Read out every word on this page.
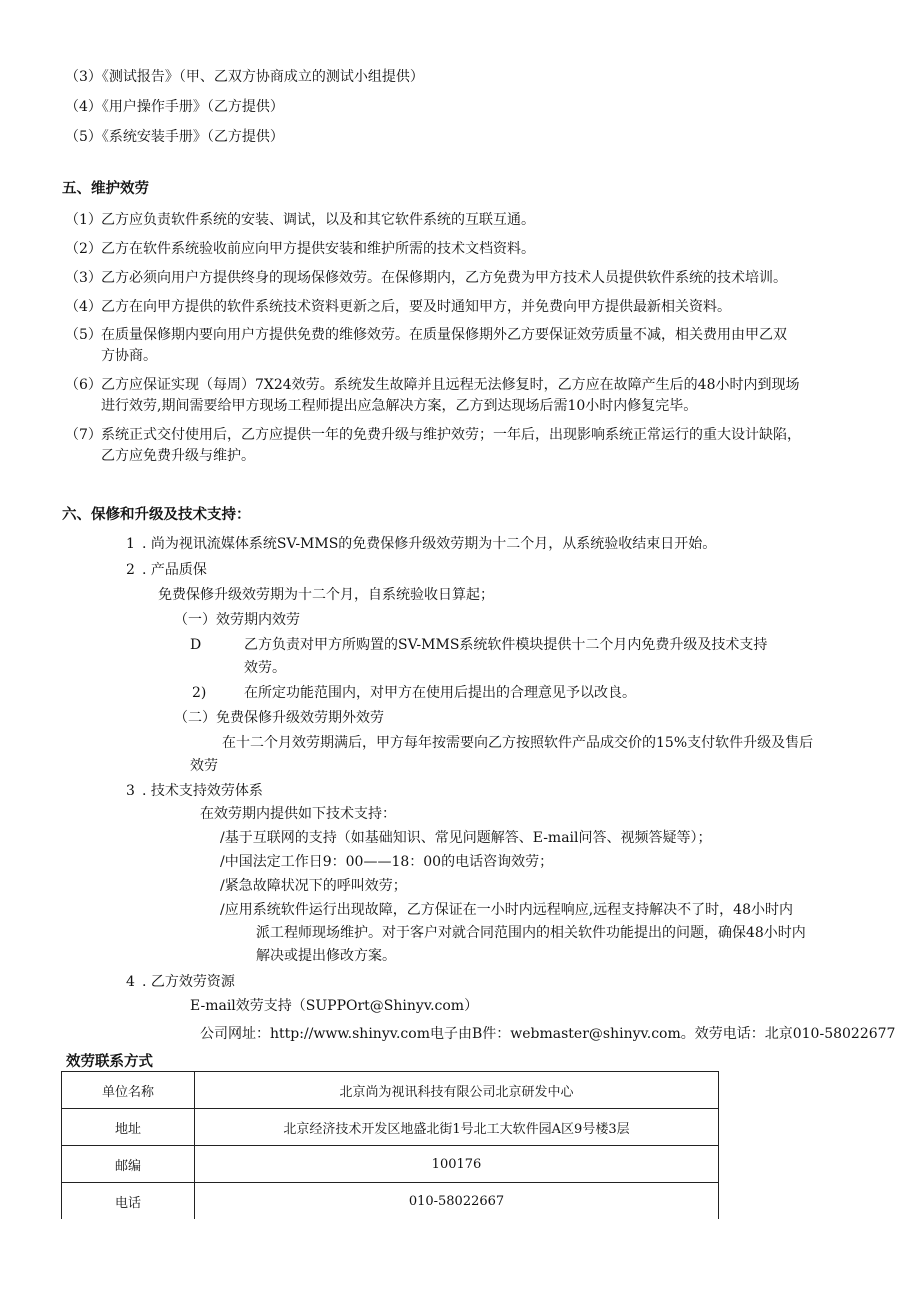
（3）《测试报告》（甲、乙双方协商成立的测试小组提供）
（4）《用户操作手册》（乙方提供）
（5）《系统安装手册》（乙方提供）
五、维护效劳
（1） 乙方应负责软件系统的安装、调试，以及和其它软件系统的互联互通。
（2） 乙方在软件系统验收前应向甲方提供安装和维护所需的技术文档资料。
（3） 乙方必须向用户方提供终身的现场保修效劳。在保修期内，乙方免费为甲方技术人员提供软件系统的技术培训。
（4） 乙方在向甲方提供的软件系统技术资料更新之后，要及时通知甲方，并免费向甲方提供最新相关资料。
（5） 在质量保修期内要向用户方提供免费的维修效劳。在质量保修期外乙方要保证效劳质量不减，相关费用由甲乙双
方协商。
（6） 乙方应保证实现（每周）7X24效劳。系统发生故障并且远程无法修复时，乙方应在故障产生后的48小时内到现场
进行效劳,期间需要给甲方现场工程师提出应急解决方案，乙方到达现场后需10小时内修复完毕。
（7） 系统正式交付使用后，乙方应提供一年的免费升级与维护效劳；一年后，出现影响系统正常运行的重大设计缺陷，
乙方应免费升级与维护。
六、保修和升级及技术支持：
1 . 尚为视讯流媒体系统SV-MMS的免费保修升级效劳期为十二个月，从系统验收结束日开始。
2 . 产品质保
免费保修升级效劳期为十二个月，自系统验收日算起；
（一）效劳期内效劳
D	乙方负责对甲方所购置的SV-MMS系统软件模块提供十二个月内免费升级及技术支持
效劳。
2)	在所定功能范围内，对甲方在使用后提出的合理意见予以改良。
（二）免费保修升级效劳期外效劳
在十二个月效劳期满后，甲方每年按需要向乙方按照软件产品成交价的15%支付软件升级及售后
效劳
3 . 技术支持效劳体系
在效劳期内提供如下技术支持：
/基于互联网的支持（如基础知识、常见问题解答、E-mail问答、视频答疑等）；
/中国法定工作日9：00——18：00的电话咨询效劳；
/紧急故障状况下的呼叫效劳；
/应用系统软件运行出现故障，乙方保证在一小时内远程响应,远程支持解决不了时，48小时内
派工程师现场维护。对于客户对就合同范围内的相关软件功能提出的问题，确保48小时内
解决或提出修改方案。
4 . 乙方效劳资源
E-mail效劳支持（SUPPOrt@Shinyv.com）
公司网址：http://www.shinyv.com电子由B件：webmaster@shinyv.com。效劳电话：北京010-58022677
效劳联系方式
单位名称	北京尚为视讯科技有限公司北京研发中心
地址	北京经济技术开发区地盛北街1号北工大软件园A区9号楼3层
邮编	100176
电话	010-58022667
